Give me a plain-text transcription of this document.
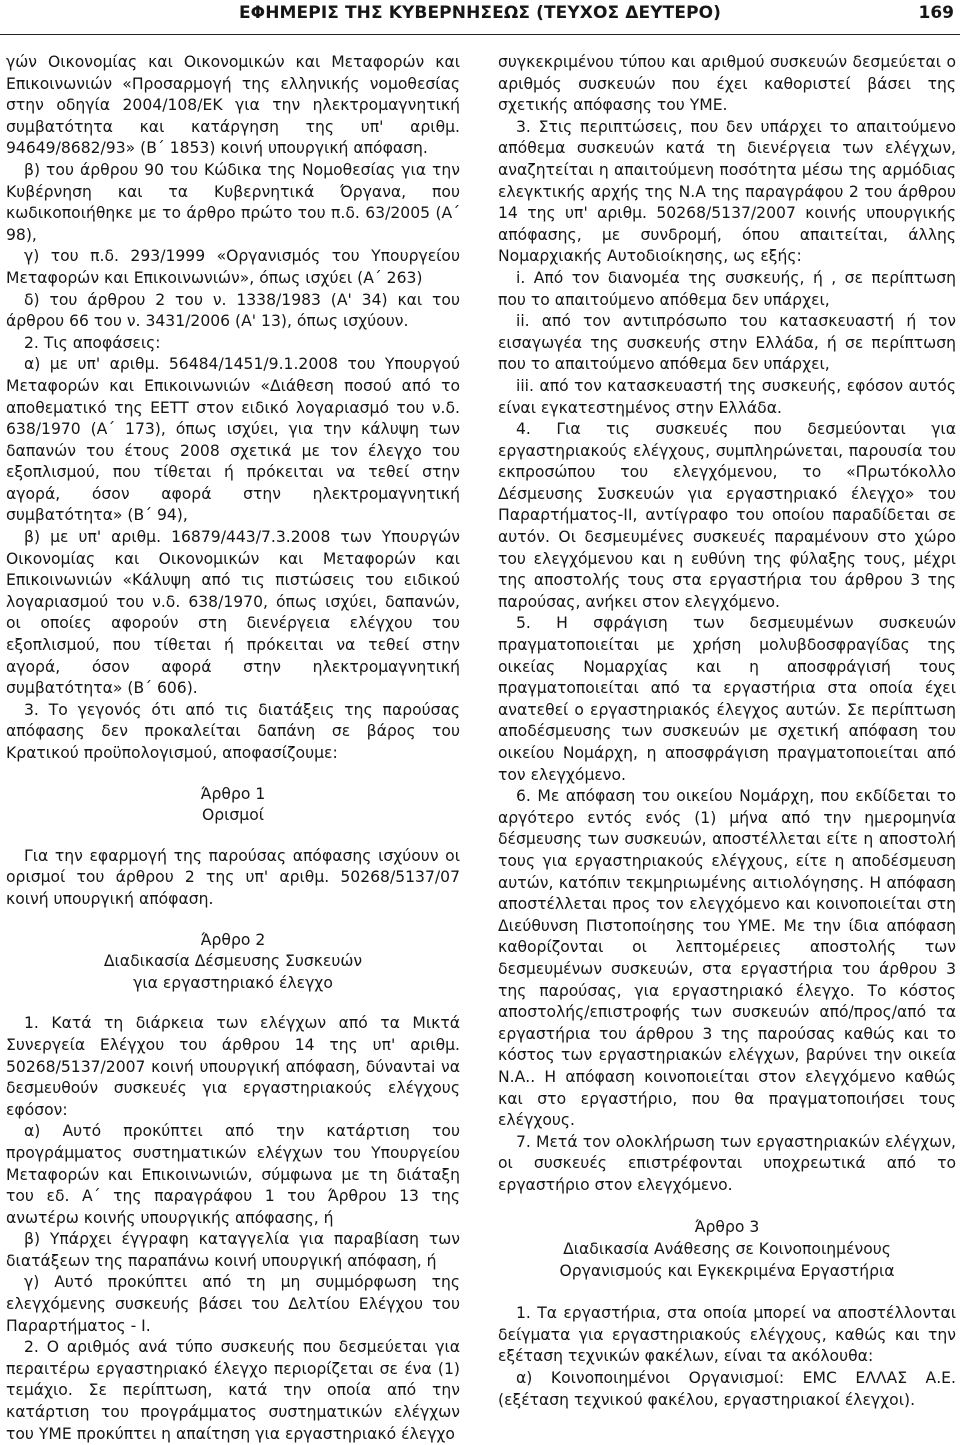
ΕΦΗΜΕΡΙΣ ΤΗΣ ΚΥΒΕΡΝΗΣΕΩΣ (ΤΕΥΧΟΣ ΔΕΥΤΕΡΟ)	169

γών Οικονομίας και Οικονομικών και Μεταφορών και Επικοινωνιών «Προσαρμογή της ελληνικής νομοθεσίας στην οδηγία 2004/108/ΕΚ για την ηλεκτρομαγνητική συμβατότητα και κατάργηση της υπ' αριθμ. 94649/8682/93» (Β΄ 1853) κοινή υπουργική απόφαση.

β) του άρθρου 90 του Κώδικα της Νομοθεσίας για την Κυβέρνηση και τα Κυβερνητικά Όργανα, που κωδικοποιήθηκε με το άρθρο πρώτο του π.δ. 63/2005 (Α΄ 98),

γ) του π.δ. 293/1999 «Οργανισμός του Υπουργείου Μεταφορών και Επικοινωνιών», όπως ισχύει (Α΄ 263)

δ) του άρθρου 2 του ν. 1338/1983 (Α' 34) και του άρθρου 66 του ν. 3431/2006 (Α' 13), όπως ισχύουν.

2. Τις αποφάσεις:

α) με υπ' αριθμ. 56484/1451/9.1.2008 του Υπουργού Μεταφορών και Επικοινωνιών «Διάθεση ποσού από το αποθεματικό της ΕΕΤΤ στον ειδικό λογαριασμό του ν.δ. 638/1970 (Α΄ 173), όπως ισχύει, για την κάλυψη των δαπανών του έτους 2008 σχετικά με τον έλεγχο του εξοπλισμού, που τίθεται ή πρόκειται να τεθεί στην αγορά, όσον αφορά στην ηλεκτρομαγνητική συμβατότητα» (Β΄ 94),

β) με υπ' αριθμ. 16879/443/7.3.2008 των Υπουργών Οικονομίας και Οικονομικών και Μεταφορών και Επικοινωνιών «Κάλυψη από τις πιστώσεις του ειδικού λογαριασμού του ν.δ. 638/1970, όπως ισχύει, δαπανών, οι οποίες αφορούν στη διενέργεια ελέγχου του εξοπλισμού, που τίθεται ή πρόκειται να τεθεί στην αγορά, όσον αφορά στην ηλεκτρομαγνητική συμβατότητα» (Β΄ 606).

3. Το γεγονός ότι από τις διατάξεις της παρούσας απόφασης δεν προκαλείται δαπάνη σε βάρος του Κρατικού προϋπολογισμού, αποφασίζουμε:

Άρθρο 1

Ορισμοί

Για την εφαρμογή της παρούσας απόφασης ισχύουν οι ορισμοί του άρθρου 2 της υπ' αριθμ. 50268/5137/07 κοινή υπουργική απόφαση.

Άρθρο 2

Διαδικασία Δέσμευσης Συσκευών

για εργαστηριακό έλεγχο

1. Κατά τη διάρκεια των ελέγχων από τα Μικτά Συνεργεία Ελέγχου του άρθρου 14 της υπ' αριθμ. 50268/5137/2007 κοινή υπουργική απόφαση, δύναντai να δεσμευθούν συσκευές για εργαστηριακούς ελέγχους εφόσον:

α) Αυτό προκύπτει από την κατάρτιση του προγράμματος συστηματικών ελέγχων του Υπουργείου Μεταφορών και Επικοινωνιών, σύμφωνα με τη διάταξη του εδ. Α΄ της παραγράφου 1 του Άρθρου 13 της ανωτέρω κοινής υπουργικής απόφασης, ή

β) Υπάρχει έγγραφη καταγγελία για παραβίαση των διατάξεων της παραπάνω κοινή υπουργική απόφαση, ή

γ) Αυτό προκύπτει από τη μη συμμόρφωση της ελεγχόμενης συσκευής βάσει του Δελτίου Ελέγχου του Παραρτήματος - Ι.

2. Ο αριθμός ανά τύπο συσκευής που δεσμεύεται για περαιτέρω εργαστηριακό έλεγχο περιορίζεται σε ένα (1) τεμάχιο. Σε περίπτωση, κατά την οποία από την κατάρτιση του προγράμματος συστηματικών ελέγχων του ΥΜΕ προκύπτει η απαίτηση για εργαστηριακό έλεγχο

συγκεκριμένου τύπου και αριθμού συσκευών δεσμεύεται ο αριθμός συσκευών που έχει καθοριστεί βάσει της σχετικής απόφασης του ΥΜΕ.

3. Στις περιπτώσεις, που δεν υπάρχει το απαιτούμενο απόθεμα συσκευών κατά τη διενέργεια των ελέγχων, αναζητείται η απαιτούμενη ποσότητα μέσω της αρμόδιας ελεγκτικής αρχής της Ν.Α της παραγράφου 2 του άρθρου 14 της υπ' αριθμ. 50268/5137/2007 κοινής υπουργικής απόφασης, με συνδρομή, όπου απαιτείται, άλλης Νομαρχιακής Αυτοδιοίκησης, ως εξής:

i. Από τον διανομέα της συσκευής, ή , σε περίπτωση που το απαιτούμενο απόθεμα δεν υπάρχει,

ii. από τον αντιπρόσωπο του κατασκευαστή ή τον εισαγωγέα της συσκευής στην Ελλάδα, ή σε περίπτωση που το απαιτούμενο απόθεμα δεν υπάρχει,

iii. από τον κατασκευαστή της συσκευής, εφόσον αυτός είναι εγκατεστημένος στην Ελλάδα.

4. Για τις συσκευές που δεσμεύονται για εργαστηριακούς ελέγχους, συμπληρώνεται, παρουσία του εκπροσώπου του ελεγχόμενου, το «Πρωτόκολλο Δέσμευσης Συσκευών για εργαστηριακό έλεγχο» του Παραρτήματος-ΙΙ, αντίγραφο του οποίου παραδίδεται σε αυτόν. Οι δεσμευμένες συσκευές παραμένουν στο χώρο του ελεγχόμενου και η ευθύνη της φύλαξης τους, μέχρι της αποστολής τους στα εργαστήρια του άρθρου 3 της παρούσας, ανήκει στον ελεγχόμενο.

5. Η σφράγιση των δεσμευμένων συσκευών πραγματοποιείται με χρήση μολυβδοσφραγίδας της οικείας Νομαρχίας και η αποσφράγισή τους πραγματοποιείται από τα εργαστήρια στα οποία έχει ανατεθεί ο εργαστηριακός έλεγχος αυτών. Σε περίπτωση αποδέσμευσης των συσκευών με σχετική απόφαση του οικείου Νομάρχη, η αποσφράγιση πραγματοποιείται από τον ελεγχόμενο.

6. Με απόφαση του οικείου Νομάρχη, που εκδίδεται το αργότερο εντός ενός (1) μήνα από την ημερομηνία δέσμευσης των συσκευών, αποστέλλεται είτε η αποστολή τους για εργαστηριακούς ελέγχους, είτε η αποδέσμευση αυτών, κατόπιν τεκμηριωμένης αιτιολόγησης. Η απόφαση αποστέλλεται προς τον ελεγχόμενο και κοινοποιείται στη Διεύθυνση Πιστοποίησης του ΥΜΕ. Με την ίδια απόφαση καθορίζονται οι λεπτομέρειες αποστολής των δεσμευμένων συσκευών, στα εργαστήρια του άρθρου 3 της παρούσας, για εργαστηριακό έλεγχο. Το κόστος αποστολής/επιστροφής των συσκευών από/προς/από τα εργαστήρια του άρθρου 3 της παρούσας καθώς και το κόστος των εργαστηριακών ελέγχων, βαρύνει την οικεία Ν.Α.. Η απόφαση κοινοποιείται στον ελεγχόμενο καθώς και στο εργαστήριο, που θα πραγματοποιήσει τους ελέγχους.

7. Μετά τον ολοκλήρωση των εργαστηριακών ελέγχων, οι συσκευές επιστρέφονται υποχρεωτικά από το εργαστήριο στον ελεγχόμενο.

Άρθρο 3

Διαδικασία Ανάθεσης σε Κοινοποιημένους

Οργανισμούς και Εγκεκριμένα Εργαστήρια

1. Τα εργαστήρια, στα οποία μπορεί να αποστέλλονται δείγματα για εργαστηριακούς ελέγχους, καθώς και την εξέταση τεχνικών φακέλων, είναι τα ακόλουθα:

α) Κοινοποιημένοι Οργανισμοί: EMC ΕΛΛΑΣ Α.Ε. (εξέταση τεχνικού φακέλου, εργαστηριακοί έλεγχοι).
